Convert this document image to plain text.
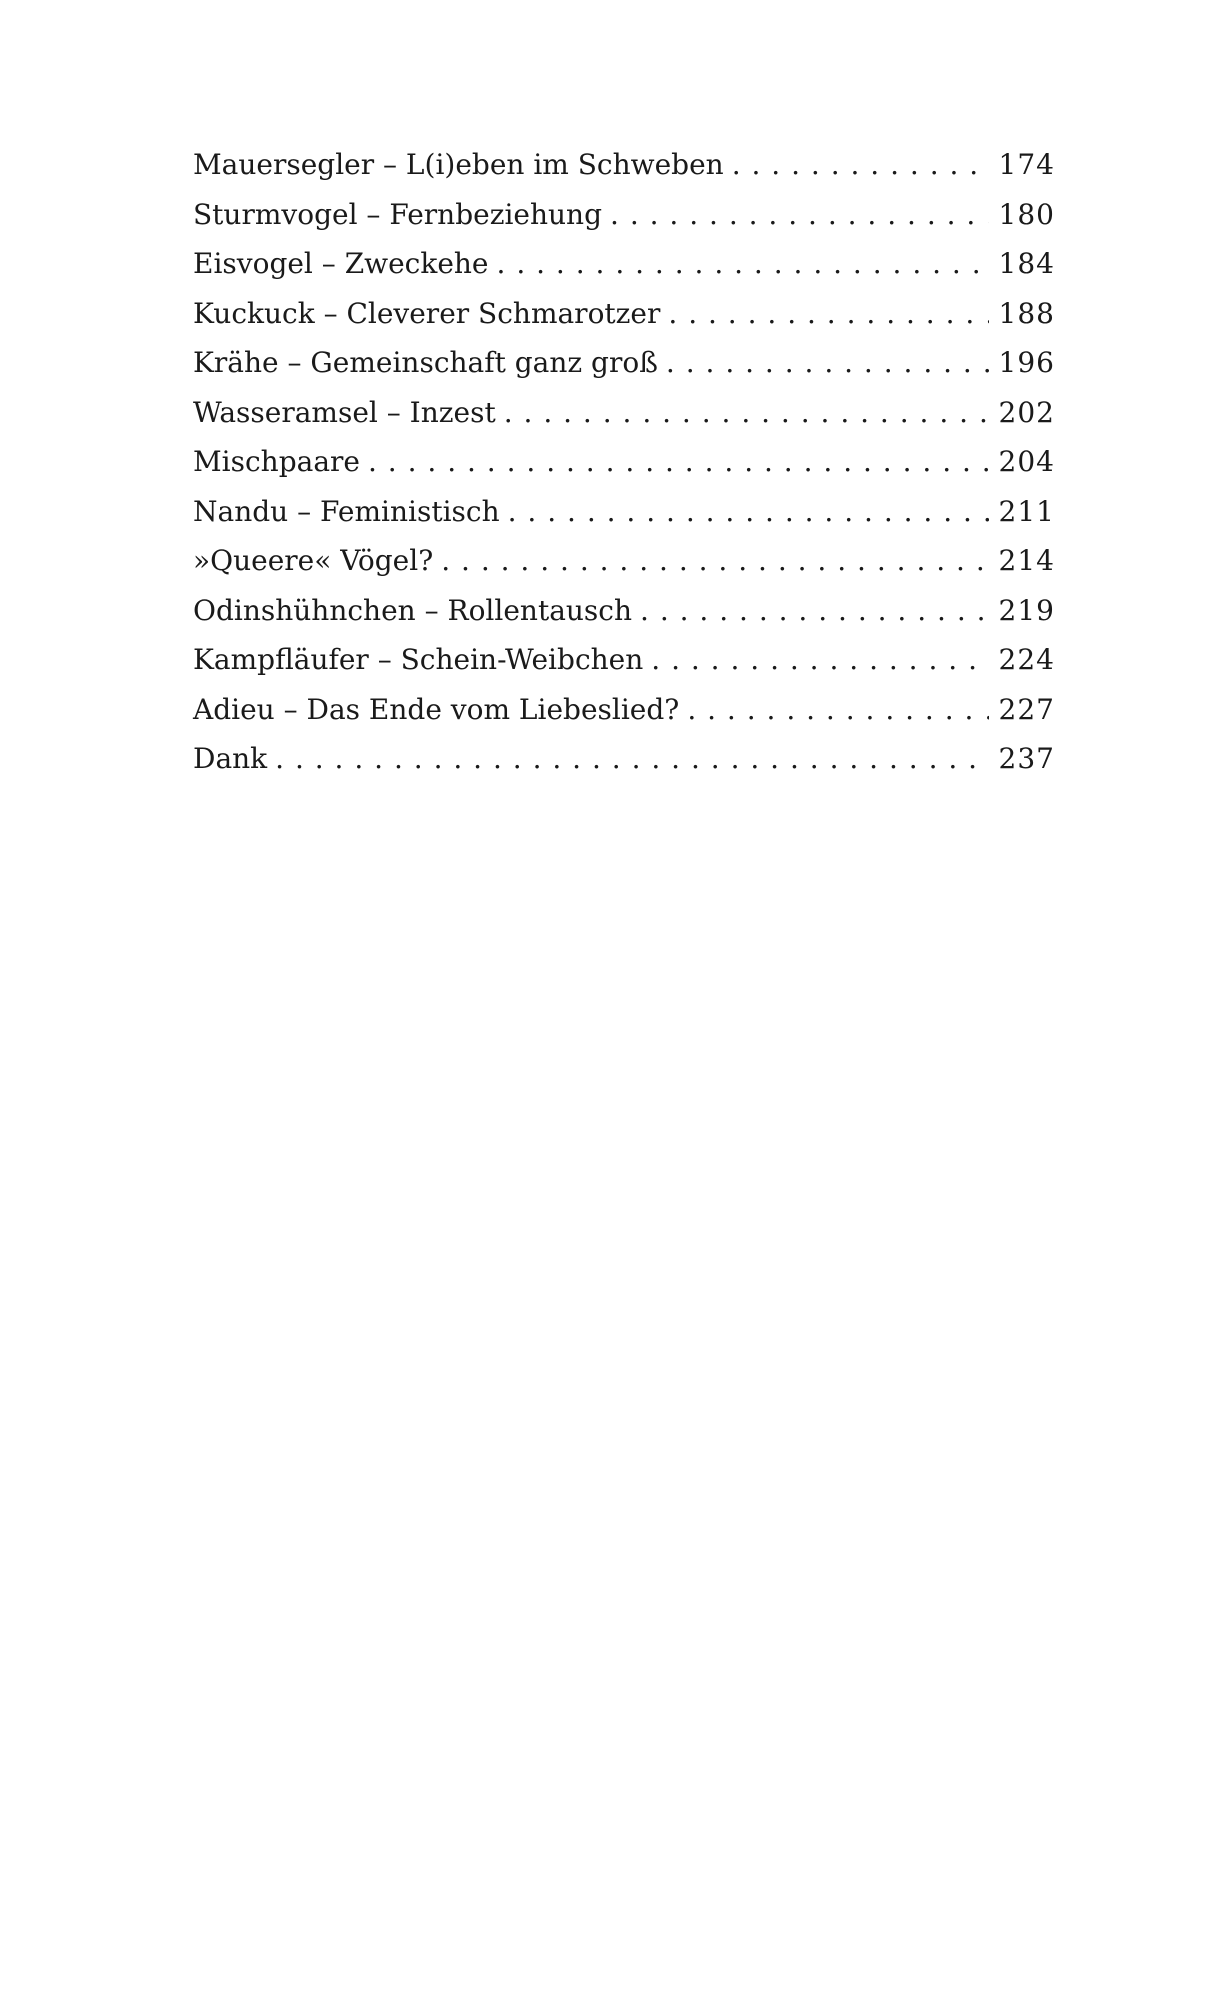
Mauersegler – L(i)eben im Schweben . . .	174
Sturmvogel – Fernbeziehung . . .	180
Eisvogel – Zweckehe . . .	184
Kuckuck – Cleverer Schmarotzer . . .	188
Krähe – Gemeinschaft ganz groß . . .	196
Wasseramsel – Inzest . . .	202
Mischpaare . . .	204
Nandu – Feministisch . . .	211
»Queere« Vögel? . . .	214
Odinshühnchen – Rollentausch . . .	219
Kampfläufer – Schein-Weibchen . . .	224
Adieu – Das Ende vom Liebeslied? . . .	227
Dank . . .	237
